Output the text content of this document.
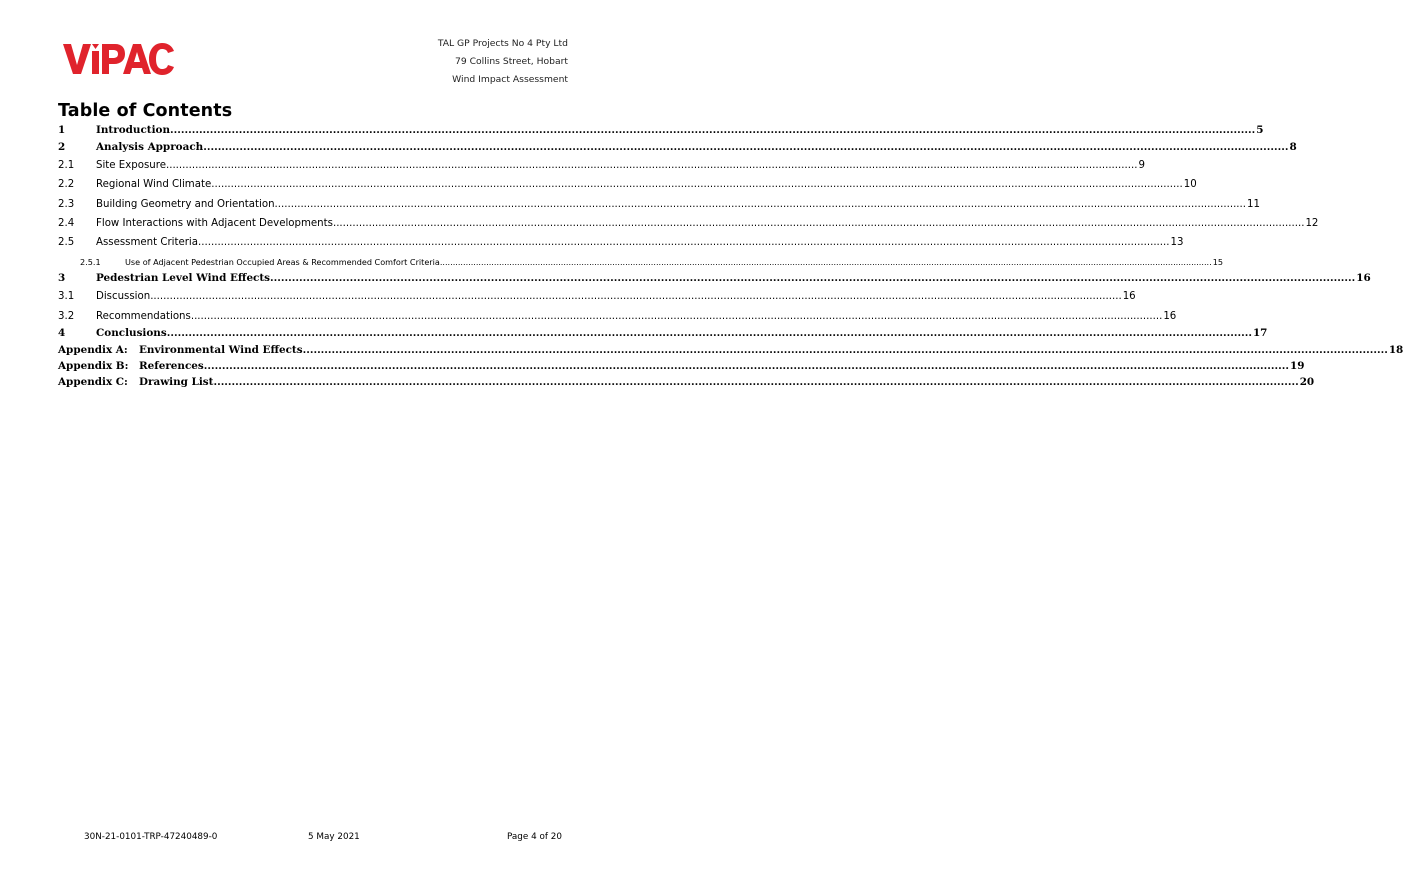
TAL GP Projects No 4 Pty Ltd
79 Collins Street, Hobart
Wind Impact Assessment
Table of Contents
1	Introduction ............................................................................................................................................................................................................................................................................................................ 5
2	Analysis Approach ............................................................................................................................................................................................................................................................................................................ 8
2.1	Site Exposure ............................................................................................................................................................................................................................................................................................................ 9
2.2	Regional Wind Climate ............................................................................................................................................................................................................................................................................................................ 10
2.3	Building Geometry and Orientation ............................................................................................................................................................................................................................................................................................................ 11
2.4	Flow Interactions with Adjacent Developments ............................................................................................................................................................................................................................................................................................................ 12
2.5	Assessment Criteria ............................................................................................................................................................................................................................................................................................................ 13
2.5.1	Use of Adjacent Pedestrian Occupied Areas & Recommended Comfort Criteria ............................................................................................................................................................................................................................................................................................................ 15
3	Pedestrian Level Wind Effects ............................................................................................................................................................................................................................................................................................................ 16
3.1	Discussion ............................................................................................................................................................................................................................................................................................................ 16
3.2	Recommendations ............................................................................................................................................................................................................................................................................................................ 16
4	Conclusions ............................................................................................................................................................................................................................................................................................................ 17
Appendix A:	Environmental Wind Effects ............................................................................................................................................................................................................................................................................................................ 18
Appendix B:	References ............................................................................................................................................................................................................................................................................................................ 19
Appendix C:	Drawing List ............................................................................................................................................................................................................................................................................................................ 20
30N-21-0101-TRP-47240489-0	5 May 2021	Page 4 of 20
